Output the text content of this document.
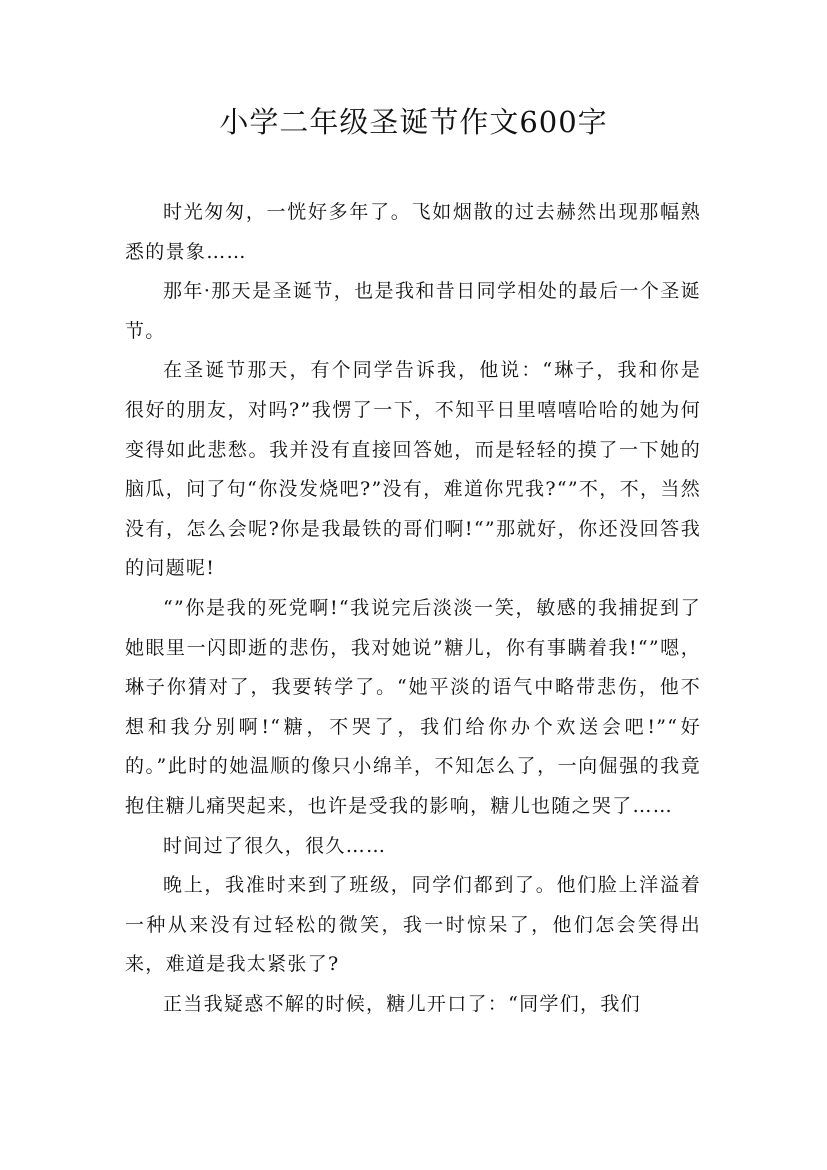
小学二年级圣诞节作文600字

时光匆匆，一恍好多年了。飞如烟散的过去赫然出现那幅熟悉的景象……

那年·那天是圣诞节，也是我和昔日同学相处的最后一个圣诞节。

在圣诞节那天，有个同学告诉我，他说：“琳子，我和你是很好的朋友，对吗?”我愣了一下，不知平日里嘻嘻哈哈的她为何变得如此悲愁。我并没有直接回答她，而是轻轻的摸了一下她的脑瓜，问了句“你没发烧吧?”没有，难道你咒我?“”不，不，当然没有，怎么会呢?你是我最铁的哥们啊!“”那就好，你还没回答我的问题呢!

“”你是我的死党啊!“我说完后淡淡一笑，敏感的我捕捉到了她眼里一闪即逝的悲伤，我对她说”糖儿，你有事瞒着我!“”嗯，琳子你猜对了，我要转学了。“她平淡的语气中略带悲伤，他不想和我分别啊!“糖，不哭了，我们给你办个欢送会吧!”“好的。”此时的她温顺的像只小绵羊，不知怎么了，一向倔强的我竟抱住糖儿痛哭起来，也许是受我的影响，糖儿也随之哭了……

时间过了很久，很久……

晚上，我准时来到了班级，同学们都到了。他们脸上洋溢着一种从来没有过轻松的微笑，我一时惊呆了，他们怎会笑得出来，难道是我太紧张了?

正当我疑惑不解的时候，糖儿开口了：“同学们，我们
